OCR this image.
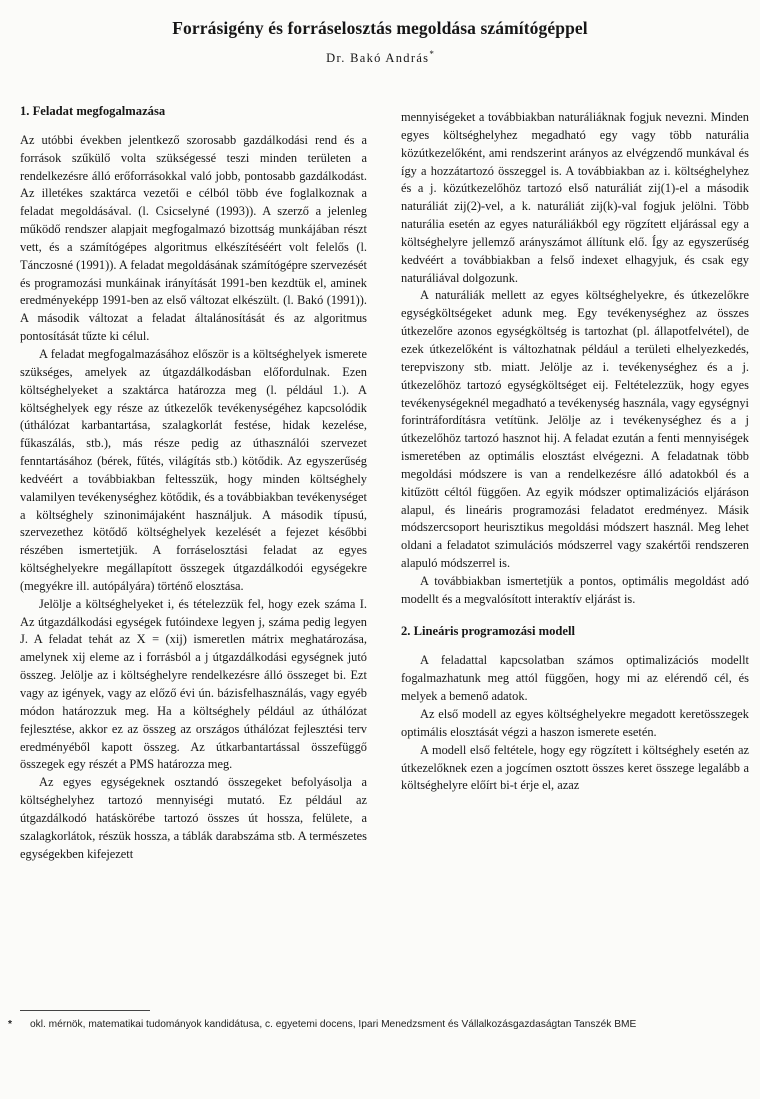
Forrásigény és forráselosztás megoldása számítógéppel
Dr. Bakó András*
1. Feladat megfogalmazása

Az utóbbi években jelentkező szorosabb gazdálkodási rend és a források szűkülő volta szükségessé teszi minden területen a rendelkezésre álló erőforrásokkal való jobb, pontosabb gazdálkodást. Az illetékes szaktárca vezetői e célból több éve foglalkoznak a feladat megoldásával. (l. Csicselyné (1993)). A szerző a jelenleg működő rendszer alapjait megfogalmazó bizottság munkájában részt vett, és a számítógépes algoritmus elkészítéséért volt felelős (l. Tánczosné (1991)). A feladat megoldásának számítógépre szervezését és programozási munkáinak irányítását 1991-ben kezdtük el, aminek eredményeképp 1991-ben az első változat elkészült. (l. Bakó (1991)). A második változat a feladat általánosítását és az algoritmus pontosítását tűzte ki célul.

A feladat megfogalmazásához először is a költséghelyek ismerete szükséges, amelyek az útgazdálkodásban előfordulnak. Ezen költséghelyeket a szaktárca határozza meg (l. például 1.). A költséghelyek egy része az útkezelők tevékenységéhez kapcsolódik (úthálózat karbantartása, szalagkorlát festése, hidak kezelése, fűkaszálás, stb.), más része pedig az úthasználói szervezet fenntartásához (bérek, fűtés, világítás stb.) kötődik. Az egyszerűség kedvéért a továbbiakban feltesszük, hogy minden költséghely valamilyen tevékenységhez kötődik, és a továbbiakban tevékenységet a költséghely szinonimájaként használjuk. A második típusú, szervezethez kötődő költséghelyek kezelését a fejezet későbbi részében ismertetjük. A forráselosztási feladat az egyes költséghelyekre megállapított összegek útgazdálkodói egységekre (megyékre ill. autópályára) történő elosztása.

Jelölje a költséghelyeket i, és tételezzük fel, hogy ezek száma I. Az útgazdálkodási egységek futóindexe legyen j, száma pedig legyen J. A feladat tehát az X = (xij) ismeretlen mátrix meghatározása, amelynek xij eleme az i forrásból a j útgazdálkodási egységnek jutó összeg. Jelölje az i költséghelyre rendelkezésre álló összeget bi. Ezt vagy az igények, vagy az előző évi ún. bázisfelhasználás, vagy egyéb módon határozzuk meg. Ha a költséghely például az úthálózat fejlesztése, akkor ez az összeg az országos úthálózat fejlesztési terv eredményéből kapott összeg. Az útkarbantartással összefüggő összegek egy részét a PMS határozza meg.

Az egyes egységeknek osztandó összegeket befolyásolja a költséghelyhez tartozó mennyiségi mutató. Ez például az útgazdálkodó hatáskörébe tartozó összes út hossza, felülete, a szalagkorlátok, részük hossza, a táblák darabszáma stb. A természetes egységekben kifejezett

mennyiségeket a továbbiakban naturáliáknak fogjuk nevezni. Minden egyes költséghelyhez megadható egy vagy több naturália közútkezelőként, ami rendszerint arányos az elvégzendő munkával és így a hozzátartozó összeggel is. A továbbiakban az i. költséghelyhez és a j. közútkezelőhöz tartozó első naturáliát zij(1)-el a második naturáliát zij(2)-vel, a k. naturáliát zij(k)-val fogjuk jelölni. Több naturália esetén az egyes naturáliákból egy rögzített eljárással egy a költséghelyre jellemző arányszámot állítunk elő. Így az egyszerűség kedvéért a továbbiakban a felső indexet elhagyjuk, és csak egy naturáliával dolgozunk.

A naturáliák mellett az egyes költséghelyekre, és útkezelőkre egységköltségeket adunk meg. Egy tevékenységhez az összes útkezelőre azonos egységköltség is tartozhat (pl. állapotfelvétel), de ezek útkezelőként is változhatnak például a területi elhelyezkedés, terepviszony stb. miatt. Jelölje az i. tevékenységhez és a j. útkezelőhöz tartozó egységköltséget eij. Feltételezzük, hogy egyes tevékenységeknél megadható a tevékenység használa, vagy egységnyi forintráfordításra vetítünk. Jelölje az i tevékenységhez és a j útkezelőhöz tartozó hasznot hij. A feladat ezután a fenti mennyiségek ismeretében az optimális elosztást elvégezni. A feladatnak több megoldási módszere is van a rendelkezésre álló adatokból és a kitűzött céltól függően. Az egyik módszer optimalizációs eljáráson alapul, és lineáris programozási feladatot eredményez. Másik módszercsoport heurisztikus megoldási módszert használ. Meg lehet oldani a feladatot szimulációs módszerrel vagy szakértői rendszeren alapuló módszerrel is.

A továbbiakban ismertetjük a pontos, optimális megoldást adó modellt és a megvalósított interaktív eljárást is.

2. Lineáris programozási modell

A feladattal kapcsolatban számos optimalizációs modellt fogalmazhatunk meg attól függően, hogy mi az elérendő cél, és melyek a bemenő adatok.

Az első modell az egyes költséghelyekre megadott keretösszegek optimális elosztását végzi a haszon ismerete esetén.

A modell első feltétele, hogy egy rögzített i költséghely esetén az útkezelőknek ezen a jogcímen osztott összes keret összege legalább a költséghelyre előírt bi-t érje el, azaz

* okl. mérnök, matematikai tudományok kandidátusa, c. egyetemi docens, Ipari Menedzsment és Vállalkozásgazdaságtan Tanszék BME
